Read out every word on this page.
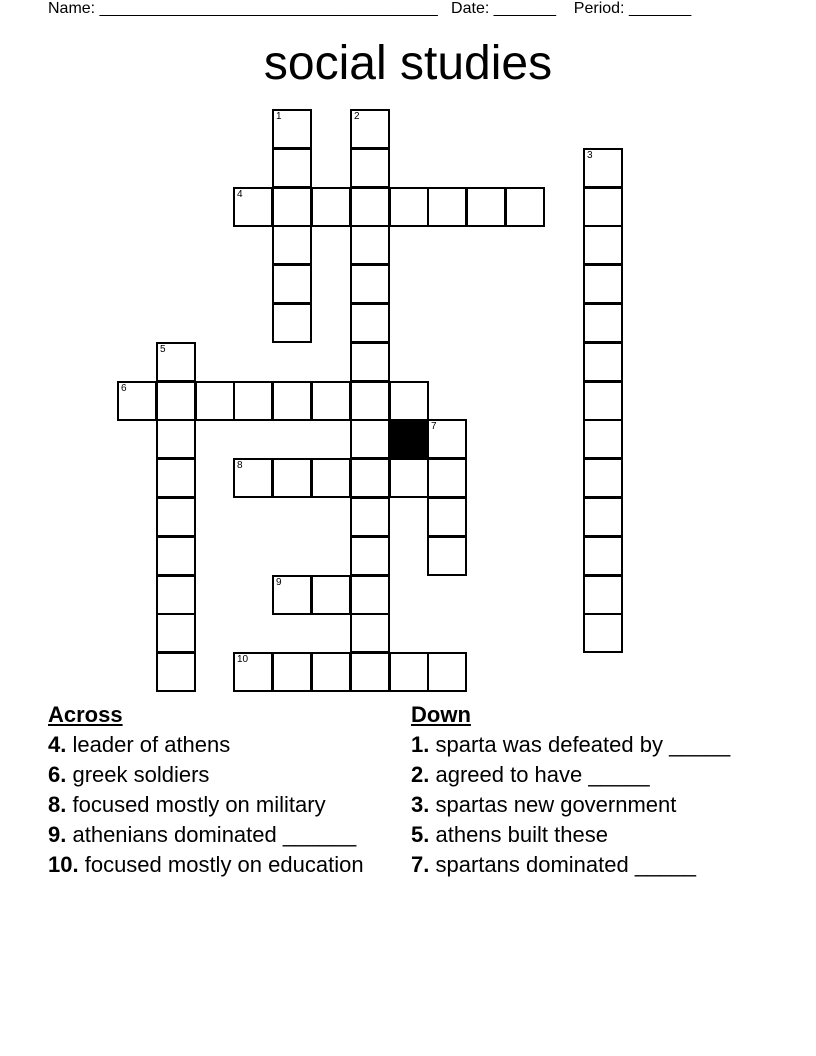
Name: ______________________________________   Date: _______    Period: _______
social studies
1	2
3
4
5
6
7
8
9
10
Across
4. leader of athens
6. greek soldiers
8. focused mostly on military
9. athenians dominated ______
10. focused mostly on education
Down
1. sparta was defeated by _____
2. agreed to have _____
3. spartas new government
5. athens built these
7. spartans dominated _____
